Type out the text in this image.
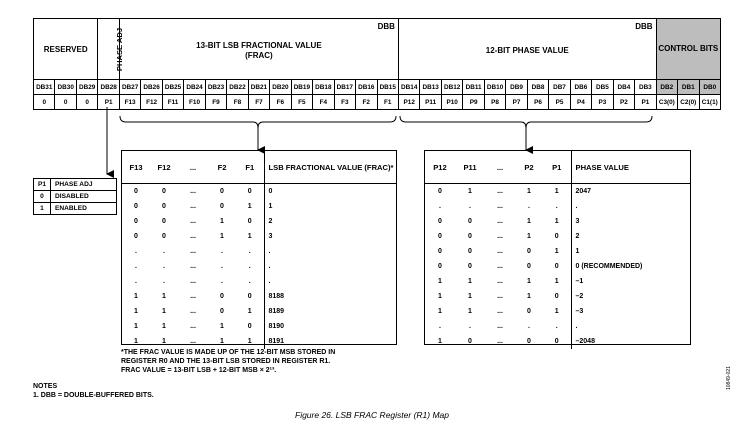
RESERVED			PHASE ADJ	DBB
13-BIT LSB FRACTIONAL VALUE
(FRAC)													DBB
12-BIT PHASE VALUE												CONTROL BITS		
DB31	DB30	DB29	DB28	DB27	DB26	DB25	DB24	DB23	DB22	DB21	DB20	DB19	DB18	DB17	DB16	DB15	DB14	DB13	DB12	DB11	DB10	DB9	DB8	DB7	DB6	DB5	DB4	DB3	DB2	DB1	DB0
0	0	0	P1	F13	F12	F11	F10	F9	F8	F7	F6	F5	F4	F3	F2	F1	P12	P11	P10	P9	P8	P7	P6	P5	P4	P3	P2	P1	C3(0)	C2(0)	C1(1)
P1	PHASE ADJ
0	DISABLED
1	ENABLED
F13	F12	...	F2	F1	LSB FRACTIONAL VALUE (FRAC)*
0	0	...	0	0	0
0	0	...	0	1	1
0	0	...	1	0	2
0	0	...	1	1	3
.	.	...	.	.	.
.	.	...	.	.	.
.	.	...	.	.	.
1	1	...	0	0	8188
1	1	...	0	1	8189
1	1	...	1	0	8190
1	1	...	1	1	8191
P12	P11	...	P2	P1	PHASE VALUE
0	1	...	1	1	2047
.	.	...	.	.	.
0	0	...	1	1	3
0	0	...	1	0	2
0	0	...	0	1	1
0	0	...	0	0	0 (RECOMMENDED)
1	1	...	1	1	–1
1	1	...	1	0	–2
1	1	...	0	1	–3
.	.	...	.	.	.
1	0	...	0	0	–2048
*THE FRAC VALUE IS MADE UP OF THE 12-BIT MSB STORED IN
REGISTER R0 AND THE 13-BIT LSB STORED IN REGISTER R1.
FRAC VALUE = 13-BIT LSB + 12-BIT MSB × 2¹³.
NOTES
1. DBB = DOUBLE-BUFFERED BITS.
Figure 26. LSB FRAC Register (R1) Map
10849-021
